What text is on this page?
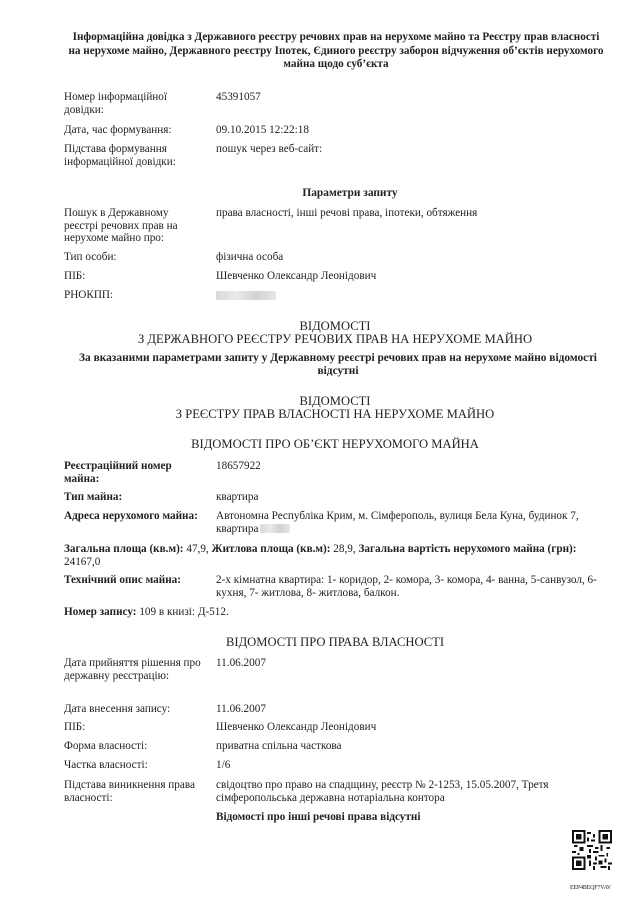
Інформаційна довідка з Державного реєстру речових прав на нерухоме майно та Реєстру прав власності на нерухоме майно, Державного реєстру Іпотек, Єдиного реєстру заборон відчуження об’єктів нерухомого майна щодо суб’єкта
Номер інформаційної довідки:
45391057
Дата, час формування:	09.10.2015 12:22:18
Підстава формування інформаційної довідки:
пошук через веб-сайт:
Параметри запиту
Пошук в Державному реєстрі речових прав на нерухоме майно про:
права власності, інші речові права, іпотеки, обтяження
Тип особи:	фізична особа
ПІБ:	Шевченко Олександр Леонідович
РНОКПП:
ВІДОМОСТІ
З ДЕРЖАВНОГО РЕЄСТРУ РЕЧОВИХ ПРАВ НА НЕРУХОМЕ МАЙНО
За вказаними параметрами запиту у Державному реєстрі речових прав на нерухоме майно відомості відсутні
ВІДОМОСТІ
З РЕЄСТРУ ПРАВ ВЛАСНОСТІ НА НЕРУХОМЕ МАЙНО
ВІДОМОСТІ ПРО ОБ’ЄКТ НЕРУХОМОГО МАЙНА
Реєстраційний номер майна:
18657922
Тип майна:	квартира
Адреса нерухомого майна:	Автономна Республіка Крим, м. Сімферополь, вулиця Бела Куна, будинок 7, квартира
Загальна площа (кв.м): 47,9, Житлова площа (кв.м): 28,9, Загальна вартість нерухомого майна (грн): 24167,0
Технічний опис майна:	2-х кімнатна квартира: 1- коридор, 2- комора, 3- комора, 4- ванна, 5-санвузол, 6- кухня, 7- житлова, 8- житлова, балкон.
Номер запису: 109 в книзі: Д-512.
ВІДОМОСТІ ПРО ПРАВА ВЛАСНОСТІ
Дата прийняття рішення про державну реєстрацію:
11.06.2007
Дата внесення запису:	11.06.2007
ПІБ:	Шевченко Олександр Леонідович
Форма власності:	приватна спільна часткова
Частка власності:	1/6
Підстава виникнення права власності:
свідоцтво про право на спадщину, реєстр № 2-1253, 15.05.2007, Третя сімферопольська державна нотаріальна контора
Відомості про інші речові права відсутні
EEP4BEQF7VAV
